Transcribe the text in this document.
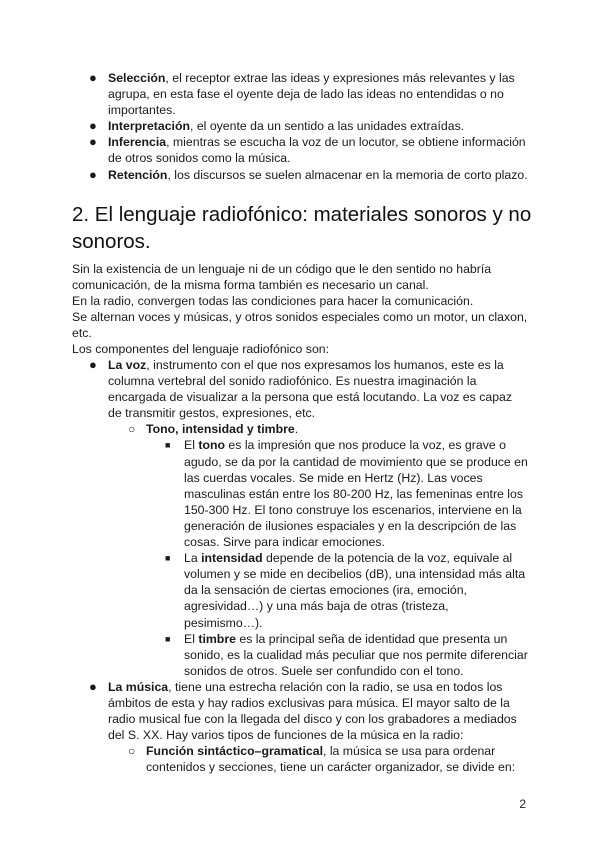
● Selección, el receptor extrae las ideas y expresiones más relevantes y las agrupa, en esta fase el oyente deja de lado las ideas no entendidas o no importantes.
● Interpretación, el oyente da un sentido a las unidades extraídas.
● Inferencia, mientras se escucha la voz de un locutor, se obtiene información de otros sonidos como la música.
● Retención, los discursos se suelen almacenar en la memoria de corto plazo.
2. El lenguaje radiofónico: materiales sonoros y no sonoros.

Sin la existencia de un lenguaje ni de un código que le den sentido no habría comunicación, de la misma forma también es necesario un canal.

En la radio, convergen todas las condiciones para hacer la comunicación.

Se alternan voces y músicas, y otros sonidos especiales como un motor, un claxon, etc.

Los componentes del lenguaje radiofónico son:

● La voz, instrumento con el que nos expresamos los humanos, este es la columna vertebral del sonido radiofónico. Es nuestra imaginación la encargada de visualizar a la persona que está locutando. La voz es capaz de transmitir gestos, expresiones, etc.
○ Tono, intensidad y timbre.
■ El tono es la impresión que nos produce la voz, es grave o agudo, se da por la cantidad de movimiento que se produce en las cuerdas vocales. Se mide en Hertz (Hz). Las voces masculinas están entre los 80-200 Hz, las femeninas entre los 150-300 Hz. El tono construye los escenarios, interviene en la generación de ilusiones espaciales y en la descripción de las cosas. Sirve para indicar emociones.
■ La intensidad depende de la potencia de la voz, equivale al volumen y se mide en decibelios (dB), una intensidad más alta da la sensación de ciertas emociones (ira, emoción, agresividad…) y una más baja de otras (tristeza, pesimismo…).
■ El timbre es la principal seña de identidad que presenta un sonido, es la cualidad más peculiar que nos permite diferenciar sonidos de otros. Suele ser confundido con el tono.
● La música, tiene una estrecha relación con la radio, se usa en todos los ámbitos de esta y hay radios exclusivas para música. El mayor salto de la radio musical fue con la llegada del disco y con los grabadores a mediados del S. XX. Hay varios tipos de funciones de la música en la radio:
○ Función sintáctico–gramatical, la música se usa para ordenar contenidos y secciones, tiene un carácter organizador, se divide en:
2
